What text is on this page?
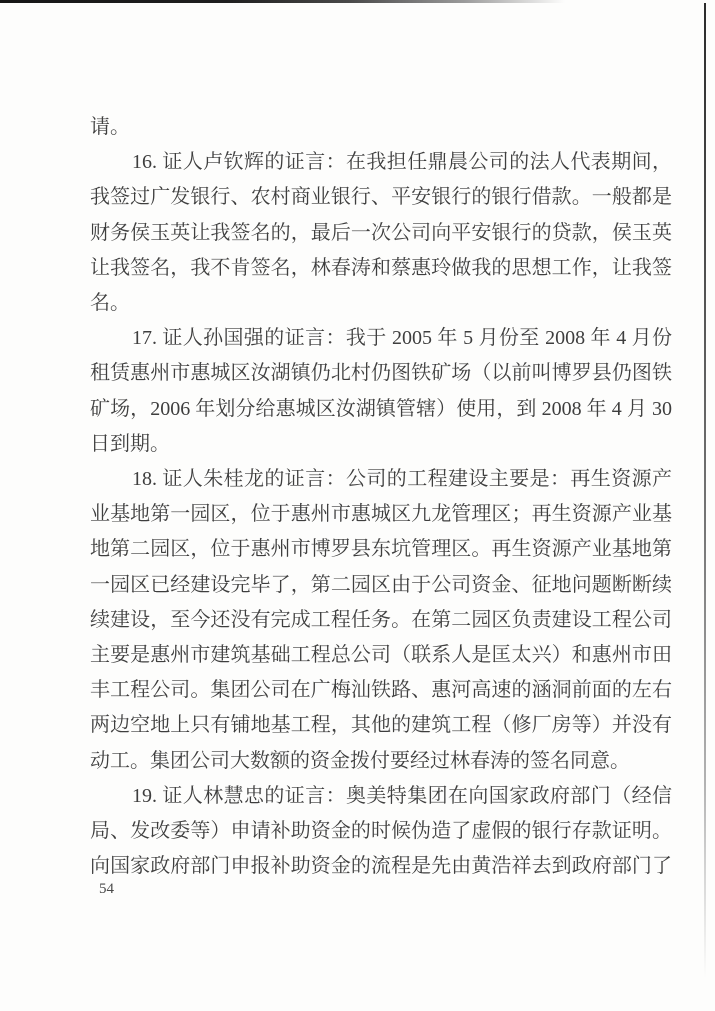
请。
16. 证人卢钦辉的证言：在我担任鼎晨公司的法人代表期间，
我签过广发银行、农村商业银行、平安银行的银行借款。一般都是
财务侯玉英让我签名的，最后一次公司向平安银行的贷款，侯玉英
让我签名，我不肯签名，林春涛和蔡惠玲做我的思想工作，让我签
名。
17. 证人孙国强的证言：我于 2005 年 5 月份至 2008 年 4 月份
租赁惠州市惠城区汝湖镇仍北村仍图铁矿场（以前叫博罗县仍图铁
矿场，2006 年划分给惠城区汝湖镇管辖）使用，到 2008 年 4 月 30
日到期。
18. 证人朱桂龙的证言：公司的工程建设主要是：再生资源产
业基地第一园区，位于惠州市惠城区九龙管理区；再生资源产业基
地第二园区，位于惠州市博罗县东坑管理区。再生资源产业基地第
一园区已经建设完毕了，第二园区由于公司资金、征地问题断断续
续建设，至今还没有完成工程任务。在第二园区负责建设工程公司
主要是惠州市建筑基础工程总公司（联系人是匡太兴）和惠州市田
丰工程公司。集团公司在广梅汕铁路、惠河高速的涵洞前面的左右
两边空地上只有铺地基工程，其他的建筑工程（修厂房等）并没有
动工。集团公司大数额的资金拨付要经过林春涛的签名同意。
19. 证人林慧忠的证言：奥美特集团在向国家政府部门（经信
局、发改委等）申请补助资金的时候伪造了虚假的银行存款证明。
向国家政府部门申报补助资金的流程是先由黄浩祥去到政府部门了
54
